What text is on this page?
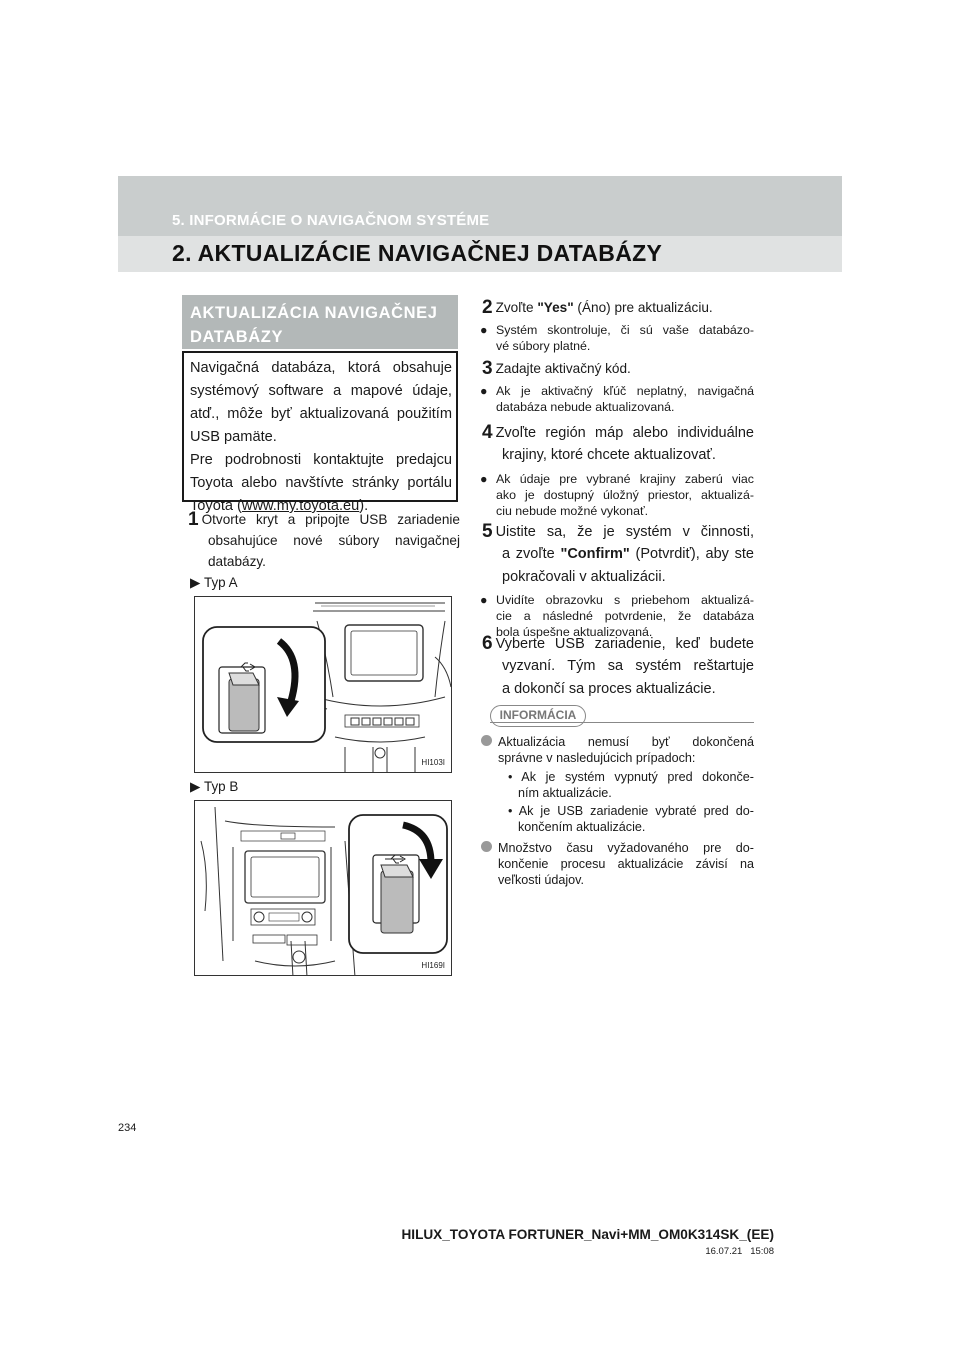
5. INFORMÁCIE O NAVIGAČNOM SYSTÉME
2. AKTUALIZÁCIE NAVIGAČNEJ DATABÁZY
AKTUALIZÁCIA NAVIGAČNEJ
DATABÁZY
Navigačná databáza, ktorá obsahuje
systémový software a mapové údaje,
atď., môže byť aktualizovaná použitím
USB pamäte.
Pre podrobnosti kontaktujte predajcu
Toyota alebo navštívte stránky portálu
Toyota (www.my.toyota.eu).
1 Otvorte kryt a pripojte USB zariadenie
obsahujúce nové súbory navigačnej
databázy.
▶ Typ A
HI103I
▶ Typ B
HI169I
2 Zvoľte "Yes" (Áno) pre aktualizáciu.
● Systém skontroluje, či sú vaše databázo-
vé súbory platné.
3 Zadajte aktivačný kód.
● Ak je aktivačný kľúč neplatný, navigačná
databáza nebude aktualizovaná.
4 Zvoľte región máp alebo individuálne
krajiny, ktoré chcete aktualizovať.
● Ak údaje pre vybrané krajiny zaberú viac
ako je dostupný úložný priestor, aktualizá-
ciu nebude možné vykonať.
5 Uistite sa, že je systém v činnosti,
a zvoľte "Confirm" (Potvrdiť), aby ste
pokračovali v aktualizácii.
● Uvidíte obrazovku s priebehom aktualizá-
cie a následné potvrdenie, že databáza
bola úspešne aktualizovaná.
6 Vyberte USB zariadenie, keď budete
vyzvaní. Tým sa systém reštartuje
a dokončí sa proces aktualizácie.
INFORMÁCIA
Aktualizácia nemusí byť dokončená
správne v nasledujúcich prípadoch:
• Ak je systém vypnutý pred dokonče-
ním aktualizácie.
• Ak je USB zariadenie vybraté pred do-
končením aktualizácie.
Množstvo času vyžadovaného pre do-
končenie procesu aktualizácie závisí na
veľkosti údajov.
234
HILUX_TOYOTA FORTUNER_Navi+MM_OM0K314SK_(EE)
16.07.21   15:08
